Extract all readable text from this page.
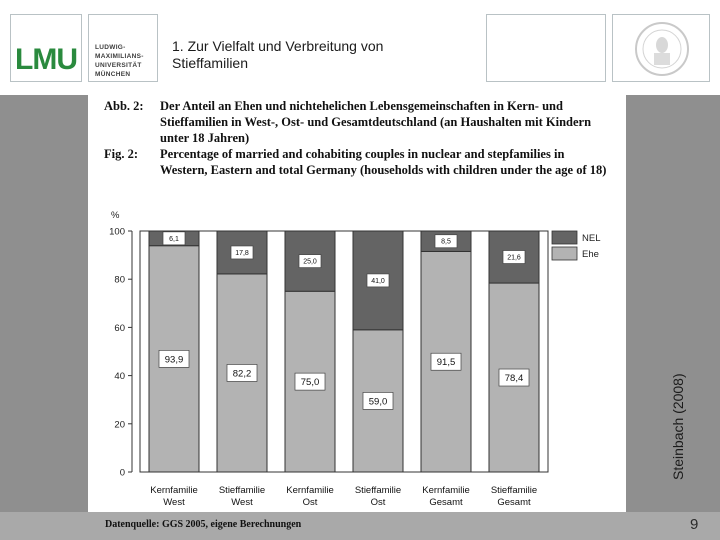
LMU	LUDWIG-
MAXIMILIANS-
UNIVERSITÄT
MÜNCHEN
1. Zur Vielfalt und Verbreitung von
Stieffamilien
Abb. 2:	Der Anteil an Ehen und nichtehelichen Lebensgemeinschaften in Kern- und Stieffamilien in West-, Ost- und Gesamtdeutschland (an Haushalten mit Kindern unter 18 Jahren)
Fig. 2:	Percentage of married and cohabiting couples in nuclear and stepfamilies in Western, Eastern and total Germany (households with children under the age of 18)
0
20
40
60
80
100
%
6,1
93,9
Kernfamilie
West
17,8
82,2
Stieffamilie
West
25,0
75,0
Kernfamilie
Ost
41,0
59,0
Stieffamilie
Ost
8,5
91,5
Kernfamilie
Gesamt
21,6
78,4
Stieffamilie
Gesamt
NEL
Ehe
Datenquelle: GGS 2005, eigene Berechnungen
Steinbach (2008)
9
